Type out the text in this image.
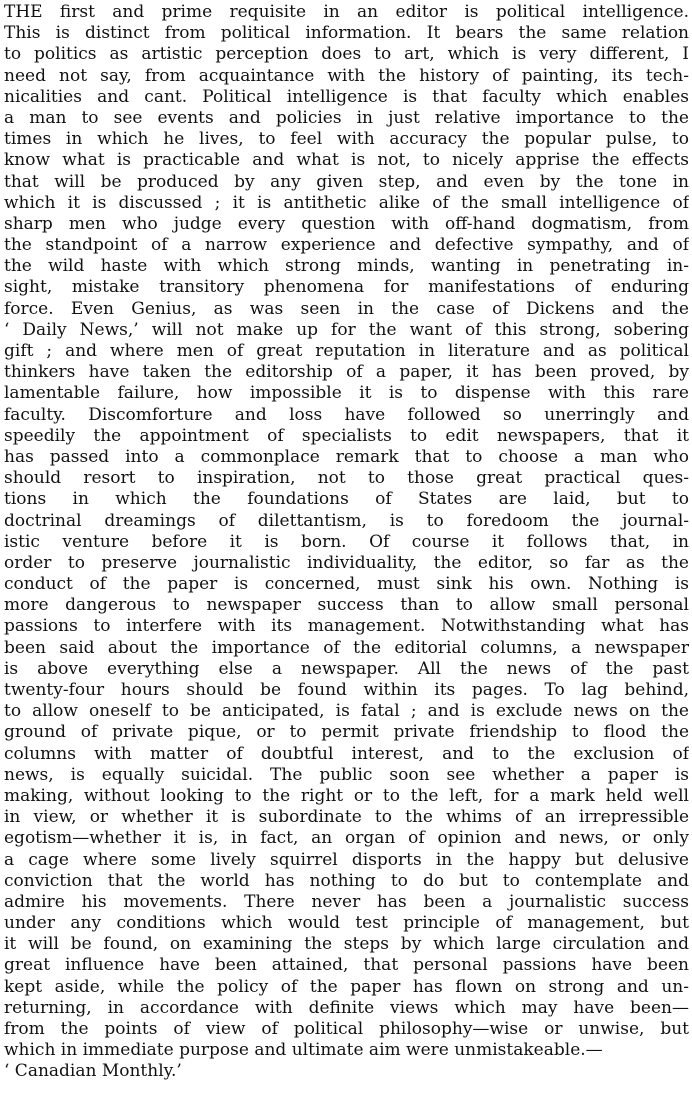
THE first and prime requisite in an editor is political intelligence.
This is distinct from political information. It bears the same relation
to politics as artistic perception does to art, which is very different, I
need not say, from acquaintance with the history of painting, its tech-
nicalities and cant. Political intelligence is that faculty which enables
a man to see events and policies in just relative importance to the
times in which he lives, to feel with accuracy the popular pulse, to
know what is practicable and what is not, to nicely apprise the effects
that will be produced by any given step, and even by the tone in
which it is discussed ; it is antithetic alike of the small intelligence of
sharp men who judge every question with off-hand dogmatism, from
the standpoint of a narrow experience and defective sympathy, and of
the wild haste with which strong minds, wanting in penetrating in-
sight, mistake transitory phenomena for manifestations of enduring
force. Even Genius, as was seen in the case of Dickens and the
‘ Daily News,’ will not make up for the want of this strong, sobering
gift ; and where men of great reputation in literature and as political
thinkers have taken the editorship of a paper, it has been proved, by
lamentable failure, how impossible it is to dispense with this rare
faculty. Discomforture and loss have followed so unerringly and
speedily the appointment of specialists to edit newspapers, that it
has passed into a commonplace remark that to choose a man who
should resort to inspiration, not to those great practical ques-
tions in which the foundations of States are laid, but to
doctrinal dreamings of dilettantism, is to foredoom the journal-
istic venture before it is born. Of course it follows that, in
order to preserve journalistic individuality, the editor, so far as the
conduct of the paper is concerned, must sink his own. Nothing is
more dangerous to newspaper success than to allow small personal
passions to interfere with its management. Notwithstanding what has
been said about the importance of the editorial columns, a newspaper
is above everything else a newspaper. All the news of the past
twenty-four hours should be found within its pages. To lag behind,
to allow oneself to be anticipated, is fatal ; and is exclude news on the
ground of private pique, or to permit private friendship to flood the
columns with matter of doubtful interest, and to the exclusion of
news, is equally suicidal. The public soon see whether a paper is
making, without looking to the right or to the left, for a mark held well
in view, or whether it is subordinate to the whims of an irrepressible
egotism—whether it is, in fact, an organ of opinion and news, or only
a cage where some lively squirrel disports in the happy but delusive
conviction that the world has nothing to do but to contemplate and
admire his movements. There never has been a journalistic success
under any conditions which would test principle of management, but
it will be found, on examining the steps by which large circulation and
great influence have been attained, that personal passions have been
kept aside, while the policy of the paper has flown on strong and un-
returning, in accordance with definite views which may have been—
from the points of view of political philosophy—wise or unwise, but
which in immediate purpose and ultimate aim were unmistakeable.—
‘ Canadian Monthly.’
